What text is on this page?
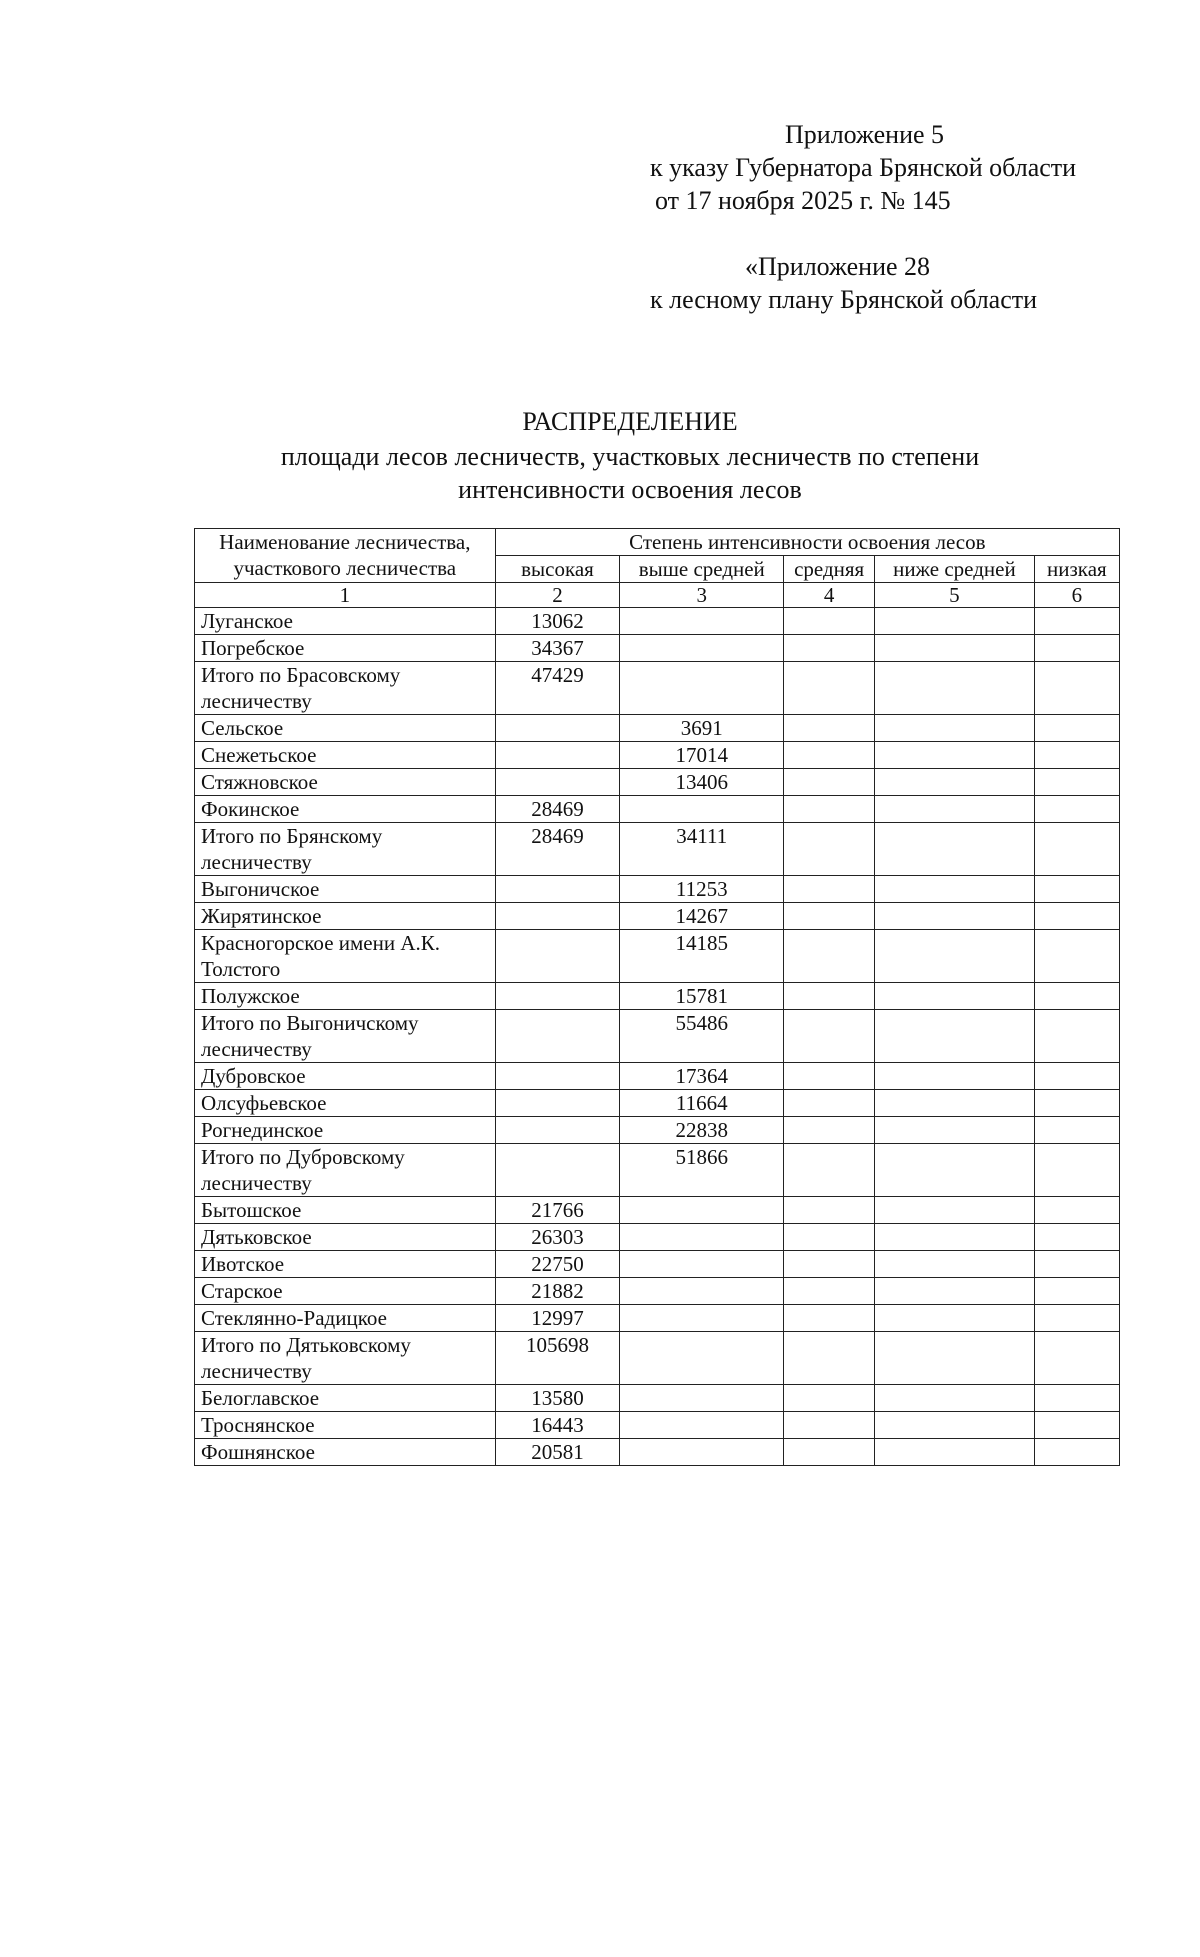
Приложение 5
к указу Губернатора Брянской области
от 17 ноября 2025 г. № 145
«Приложение 28
к лесному плану Брянской области
РАСПРЕДЕЛЕНИЕ
площади лесов лесничеств, участковых лесничеств по степени
интенсивности освоения лесов
Наименование лесничества, участкового лесничества	Степень интенсивности освоения лесов				
	высокая	выше средней	средняя	ниже средней	низкая
1	2	3	4	5	6
Луганское	13062				
Погребское	34367				
Итого по Брасовскому лесничеству	47429				
Сельское		3691			
Снежетьское		17014			
Стяжновское		13406			
Фокинское	28469				
Итого по Брянскому лесничеству	28469	34111			
Выгоничское		11253			
Жирятинское		14267			
Красногорское имени А.К. Толстого		14185			
Полужское		15781			
Итого по Выгоничскому лесничеству		55486			
Дубровское		17364			
Олсуфьевское		11664			
Рогнединское		22838			
Итого по Дубровскому лесничеству		51866			
Бытошское	21766				
Дятьковское	26303				
Ивотское	22750				
Старское	21882				
Стеклянно-Радицкое	12997				
Итого по Дятьковскому лесничеству	105698				
Белоглавское	13580				
Троснянское	16443				
Фошнянское	20581				
